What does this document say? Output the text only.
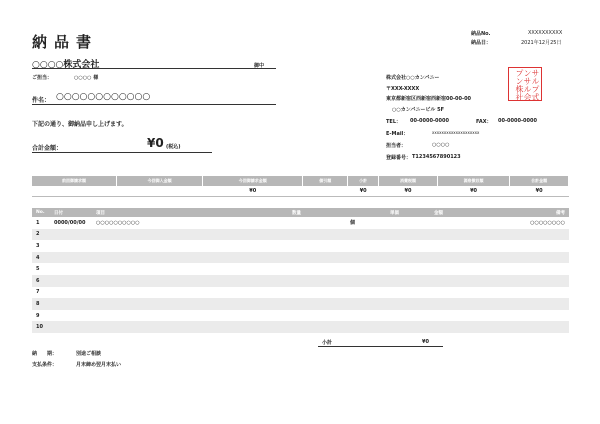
納品書	納品No.	XXXXXXXXXX
納品日：	2021年12月25日
○○○○株式会社	御中
ご担当：	○○○○ 様
件名： ○○○○○○○○○○○○
下記の通り、御納品申し上げます。
合計金額：	¥0 (税込)
株式会社○○カンパニー
〒XXX-XXXX
東京都新宿区西新宿西新宿00-00-00
○○カンパニービル 5F
TEL： 00-0000-0000	FAX： 00-0000-0000
E-Mail：	xxxxxxxxxxxxxxxxxxxx
担当者：	○○○○
登録番号： T1234567890123
サ
ン
プ
ル
サ
ン
プ
ル
株
式
会
社
前回御請求額	今回御入金額	今回御請求金額	値引額	小計	消費税額	源泉徴収額	合計金額
		¥0		¥0	¥0	¥0	¥0
No.	日付	項目	数量	単価	金額	備考
1	0000/00/00	○○○○○○○○○○		個		○○○○○○○○
2						
3						
4						
5						
6						
7						
8						
9						
10						
小計	¥0
納　　期：	別途ご相談
支払条件：	月末締め翌月末払い
